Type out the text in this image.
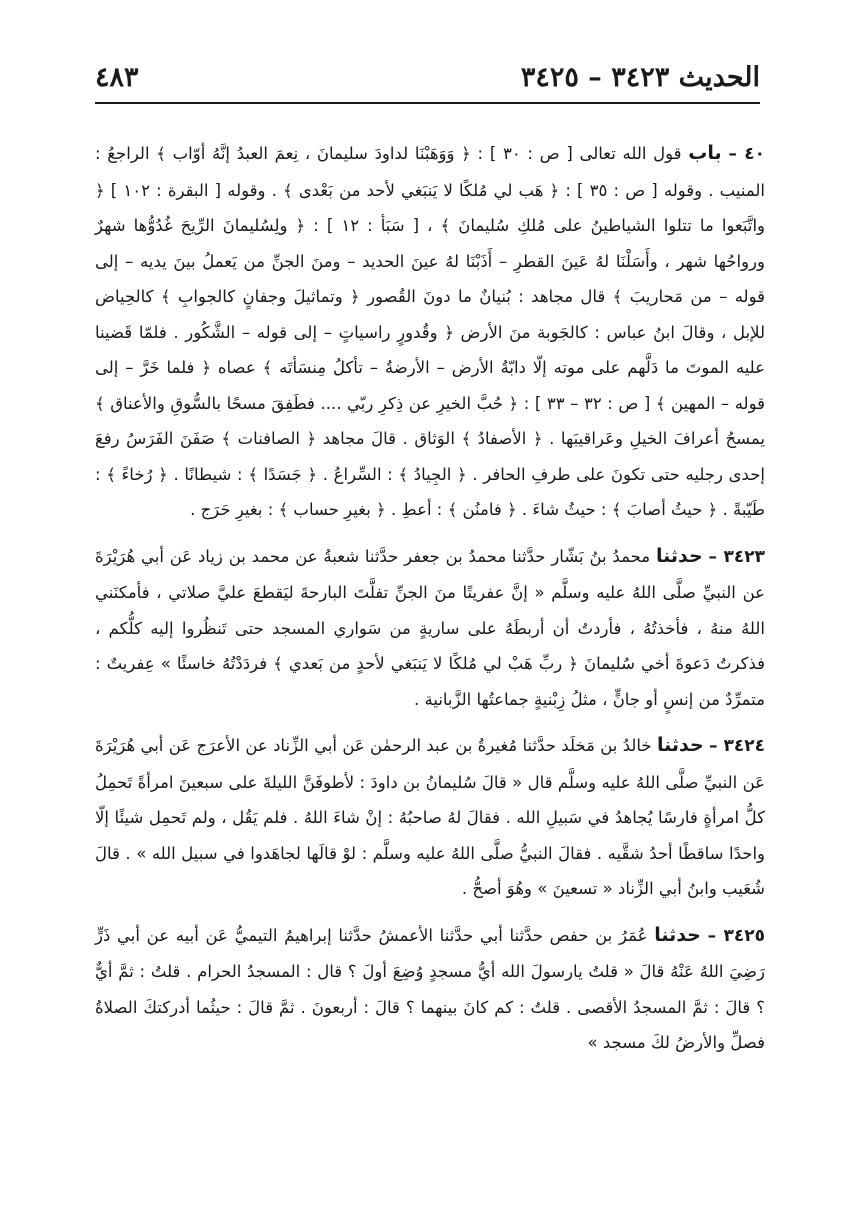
الحديث ٣٤٢٣ – ٣٤٢٥
٤٨٣

٤٠ – باب قول الله تعالى [ ص : ٣٠ ] : ﴿ وَوَهَبْنَا لداودَ سليمانَ ، نِعمَ العبدُ إنَّهُ أوّاب ﴾ الراجعُ : المنيب . وقوله [ ص : ٣٥ ] : ﴿ هَب لي مُلكًا لا يَنبَغي لأحد من بَعْدى ﴾ . وقوله [ البقرة : ١٠٢ ] ﴿ واتَّبَعوا ما تتلوا الشياطينُ على مُلكِ سُليمانَ ﴾ ، [ سَبَأ : ١٢ ] : ﴿ ولِسُليمانَ الرِّيحَ غُدُوُّها شهرٌ ورواحُها شهر ، وأَسَلْنَا لهُ عَينَ القطرِ – أَذَبْنَا لهُ عينَ الحديد – ومنَ الجنِّ من يَعملُ بينَ يديه – إلى قوله – من مَحاريبَ ﴾ قال مجاهد : بُنيانٌ ما دونَ القُصور ﴿ وتماثيلَ وجفانٍ كالجوابِ ﴾ كالحِياض للإبل ، وقالَ ابنُ عباس : كالجَوبة منَ الأرض ﴿ وقُدورٍ راسياتٍ – إلى قوله – الشَّكُور . فلمّا قَضينا عليه الموتَ ما دَلَّهم على موته إلّا دابّةُ الأرض – الأرضةُ – تأكلُ مِنسَأتَه ﴾ عصاه ﴿ فلما خَرَّ – إلى قوله – المهين ﴾ [ ص : ٣٢ – ٣٣ ] : ﴿ حُبَّ الخيرِ عن ذِكرِ ربّي .... فطَفِقَ مسحًا بالسُّوقِ والأعناق ﴾ يمسحُ أعرافَ الخيلِ وعَراقيبَها . ﴿ الأصفادُ ﴾ الوَثاق . قالَ مجاهد ﴿ الصافنات ﴾ صَفَنَ الفَرَسُ رفعَ إحدى رجليه حتى تكونَ على طرفِ الحافر . ﴿ الجِيادُ ﴾ : السِّراعُ . ﴿ جَسَدًا ﴾ : شيطانًا . ﴿ رُخاءً ﴾ : طَيّبةً . ﴿ حيثُ أصابَ ﴾ : حيثُ شاءَ . ﴿ فامنُن ﴾ : أعطِ . ﴿ بغيرِ حساب ﴾ : بغيرِ حَرَج .

٣٤٢٣ – حدثنا محمدُ بنُ بَشّار حدَّثنا محمدُ بن جعفر حدَّثنا شعبةُ عن محمد بن زياد عَن أبي هُرَيْرَةَ عن النبيِّ صلَّى اللهُ عليه وسلَّم « إنَّ عفريتًا منَ الجنِّ تفلَّتَ البارحةَ ليَقطعَ عليَّ صلاتي ، فأمكنَني اللهُ منهُ ، فأخذتُهُ ، فأردتُ أن أربطَهُ على ساريةٍ من سَواري المسجد حتى تَنظُروا إليه كلُّكم ، فذكرتُ دَعوةَ أخي سُليمانَ ﴿ ربِّ هَبْ لي مُلكًا لا يَنبَغي لأحدٍ من بَعدي ﴾ فردَدْتُهُ خاسئًا » عِفريتٌ : متمرِّدٌ من إنسٍ أو جانٍّ ، مثلُ زِبْنيةٍ جماعتُها الزَّبانية .

٣٤٢٤ – حدثنا خالدُ بن مَخلَد حدَّثنا مُغيرةُ بن عبد الرحمٰن عَن أبي الزِّناد عن الأعرَج عَن أبي هُرَيْرَةَ عَن النبيِّ صلَّى اللهُ عليه وسلَّم قال « قالَ سُليمانُ بن داودَ : لأطوفَنَّ الليلةَ على سبعينَ امرأةً تَحمِلُ كلُّ امرأةٍ فارسًا يُجاهدُ في سَبيلِ الله . فقالَ لهُ صاحبُهُ : إنْ شاءَ اللهُ . فلم يَقُل ، ولم تَحمِل شيئًا إلّا واحدًا ساقطًا أحدُ شقَّيه . فقالَ النبيُّ صلَّى اللهُ عليه وسلَّم : لوْ قالَها لجاهَدوا في سبيل الله » . قالَ شُعَيب وابنُ أبي الزِّناد « تسعينَ » وهُوَ أصحُّ .

٣٤٢٥ – حدثنا عُمَرُ بن حفص حدَّثنا أبي حدَّثنا الأعمشُ حدَّثنا إبراهيمُ التيميُّ عَن أبيه عن أبي ذَرٍّ رَضِيَ اللهُ عَنْهُ قالَ « قلتُ يارسولَ الله أيُّ مسجدٍ وُضِعَ أولَ ؟ قال : المسجدُ الحرام . قلتُ : ثمَّ أيٌّ ؟ قالَ : ثمَّ المسجدُ الأقصى . قلتُ : كم كانَ بينهما ؟ قالَ : أربعونَ . ثمَّ قالَ : حيثُما أدركتكَ الصلاةُ فصلِّ والأرضُ لكَ مسجد »
